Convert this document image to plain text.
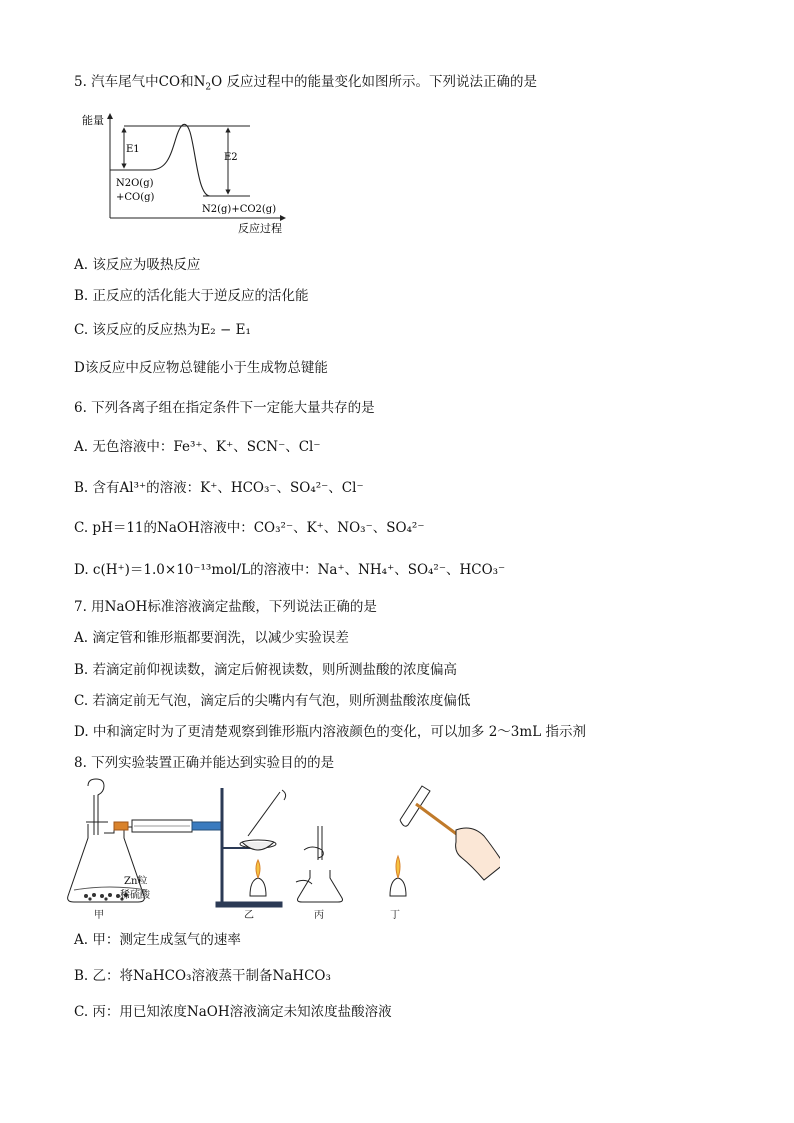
5. 汽车尾气中CO和$N_2O$ 反应过程中的能量变化如图所示。下列说法正确的是
能量
E1
E2
N2O(g)
+CO(g)
N2(g)+CO2(g)
反应过程
A. 该反应为吸热反应
B. 正反应的活化能大于逆反应的活化能
C. 该反应的反应热为E₂ − E₁
D该反应中反应物总键能小于生成物总键能
6. 下列各离子组在指定条件下一定能大量共存的是
A. 无色溶液中：Fe³⁺、K⁺、SCN⁻、Cl⁻
B. 含有Al³⁺的溶液：K⁺、HCO₃⁻、SO₄²⁻、Cl⁻
C. pH＝11的NaOH溶液中：CO₃²⁻、K⁺、NO₃⁻、SO₄²⁻
D. c(H⁺)＝1.0×10⁻¹³mol/L的溶液中：Na⁺、NH₄⁺、SO₄²⁻、HCO₃⁻
7. 用NaOH标准溶液滴定盐酸，下列说法正确的是
A. 滴定管和锥形瓶都要润洗，以减少实验误差
B. 若滴定前仰视读数，滴定后俯视读数，则所测盐酸的浓度偏高
C. 若滴定前无气泡，滴定后的尖嘴内有气泡，则所测盐酸浓度偏低
D. 中和滴定时为了更清楚观察到锥形瓶内溶液颜色的变化，可以加多 2～3mL 指示剂
8. 下列实验装置正确并能达到实验目的的是
Zn粒
稀硫酸
甲	乙	丙	丁
A. 甲：测定生成氢气的速率
B. 乙：将NaHCO₃溶液蒸干制备NaHCO₃
C. 丙：用已知浓度NaOH溶液滴定未知浓度盐酸溶液
